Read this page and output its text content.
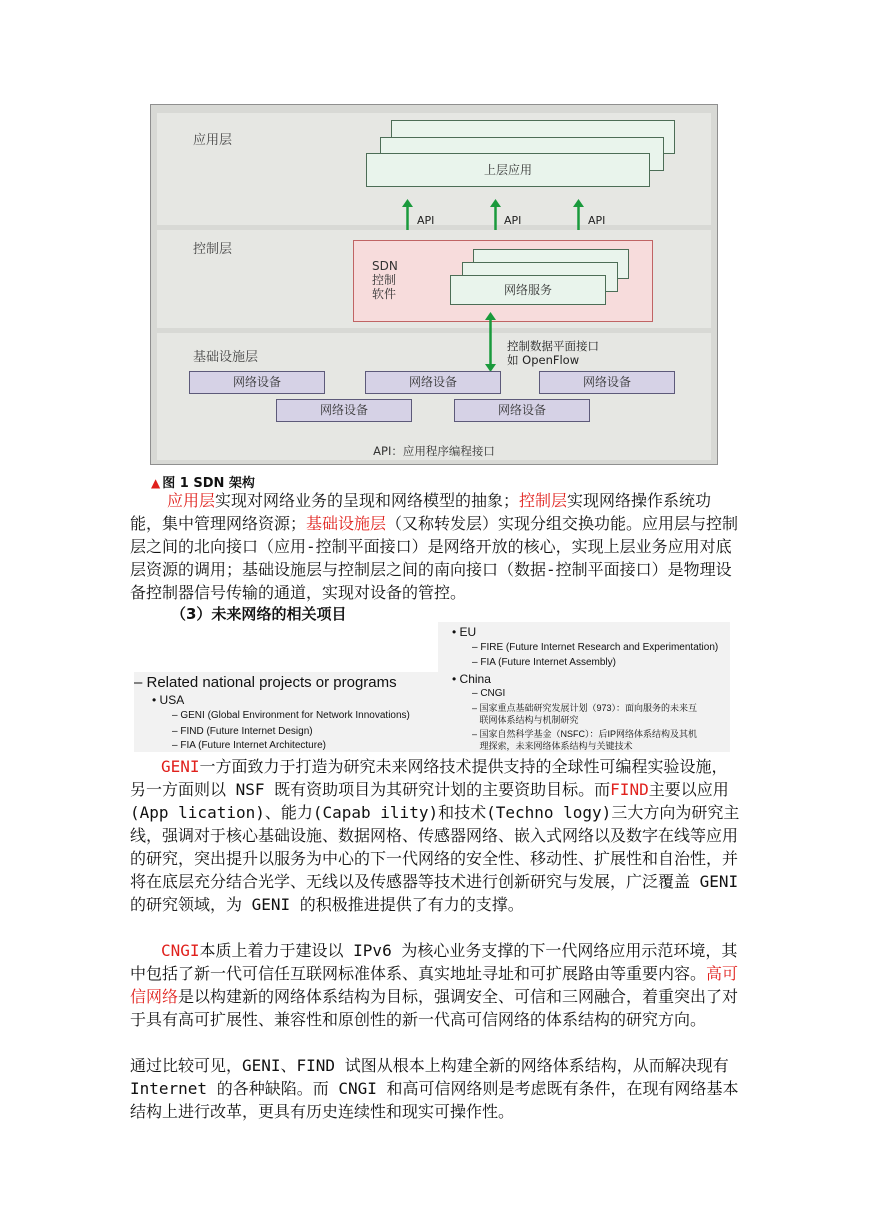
应用层
上层应用
API	API	API
控制层
SDN
控制
软件	网络服务
基础设施层
控制数据平面接口
如 OpenFlow
网络设备	网络设备	网络设备
网络设备	网络设备
API：应用程序编程接口
▲ 图 1 SDN 架构

应用层实现对网络业务的呈现和网络模型的抽象；控制层实现网络操作系统功能，集中管理网络资源；基础设施层（又称转发层）实现分组交换功能。应用层与控制层之间的北向接口（应用-控制平面接口）是网络开放的核心，实现上层业务应用对底层资源的调用；基础设施层与控制层之间的南向接口（数据-控制平面接口）是物理设备控制器信号传输的通道，实现对设备的管控。

（3）未来网络的相关项目
– Related national projects or programs
• USA
– GENI (Global Environment for Network Innovations)
– FIND (Future Internet Design)
– FIA (Future Internet Architecture)
• EU
– FIRE (Future Internet Research and Experimentation)
– FIA (Future Internet Assembly)
• China
– CNGI
– 国家重点基础研究发展计划（973）：面向服务的未来互
联网体系结构与机制研究
– 国家自然科学基金（NSFC）：后IP网络体系结构及其机
理探索，未来网络体系结构与关键技术

GENI一方面致力于打造为研究未来网络技术提供支持的全球性可编程实验设施，另一方面则以 NSF 既有资助项目为其研究计划的主要资助目标。而FIND主要以应用(App lication)、能力(Capab ility)和技术(Techno logy)三大方向为研究主线，强调对于核心基础设施、数据网格、传感器网络、嵌入式网络以及数字在线等应用的研究，突出提升以服务为中心的下一代网络的安全性、移动性、扩展性和自治性，并将在底层充分结合光学、无线以及传感器等技术进行创新研究与发展，广泛覆盖 GENI 的研究领域，为 GENI 的积极推进提供了有力的支撑。

CNGI本质上着力于建设以 IPv6 为核心业务支撑的下一代网络应用示范环境，其中包括了新一代可信任互联网标准体系、真实地址寻址和可扩展路由等重要内容。高可信网络是以构建新的网络体系结构为目标，强调安全、可信和三网融合，着重突出了对于具有高可扩展性、兼容性和原创性的新一代高可信网络的体系结构的研究方向。

通过比较可见，GENI、FIND 试图从根本上构建全新的网络体系结构，从而解决现有 Internet 的各种缺陷。而 CNGI 和高可信网络则是考虑既有条件，在现有网络基本结构上进行改革，更具有历史连续性和现实可操作性。
